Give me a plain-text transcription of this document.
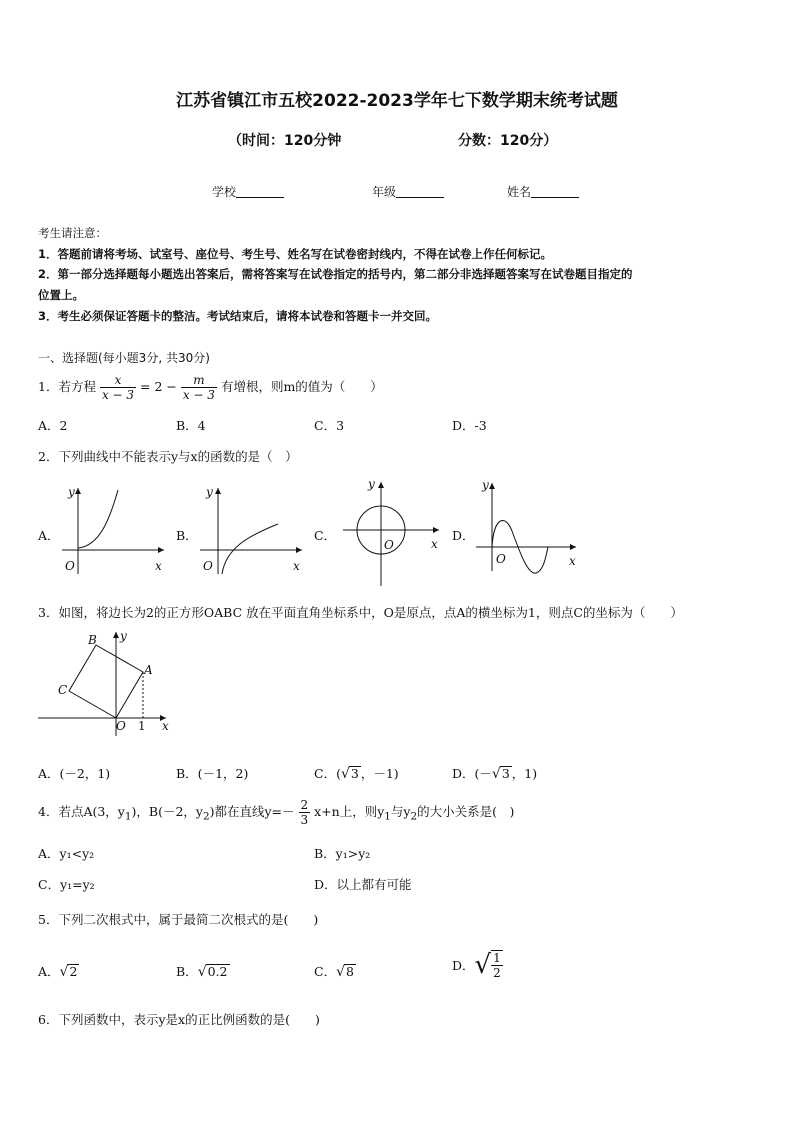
江苏省镇江市五校2022-2023学年七下数学期末统考试题
（时间：120分钟	分数：120分）
学校	年级	姓名
考生请注意：
1．答题前请将考场、试室号、座位号、考生号、姓名写在试卷密封线内，不得在试卷上作任何标记。
2．第一部分选择题每小题选出答案后，需将答案写在试卷指定的括号内，第二部分非选择题答案写在试卷题目指定的
位置上。
3．考生必须保证答题卡的整洁。考试结束后，请将本试卷和答题卡一并交回。
一、选择题(每小题3分, 共30分)
1．若方程 $\frac{x}{x - 3} = 2 - \frac{m}{x - 3}$ 有增根，则m的值为（　　）
A．2	B．4	C．3	D．-3
2．下列曲线中不能表示y与x的函数的是（　）
A．	B．	C．	D．
y
x
O
y
x
O
y
x
O
y
x
O
3．如图，将边长为2的正方形OABC 放在平面直角坐标系中，O是原点，点A的横坐标为1，则点C的坐标为（　　）
B
A
C
O 1 x
y
A．(－2，1)	B．(－1，2)	C．(√3 ，－1)	D．(－√3 ，1)
4．若点A(3，$y_1$)，B(－2，$y_2$)都在直线$y=- \frac{2}{3} x+n$上，则$y_1$与$y_2$的大小关系是(　)
A．y₁<y₂	B．y₁>y₂
C．y₁=y₂	D．以上都有可能
5．下列二次根式中，属于最简二次根式的是(　　)
A．√2	B．√0.2	C．√8	D．√ $\frac{1}{2}$
6．下列函数中，表示y是x的正比例函数的是(　　)
